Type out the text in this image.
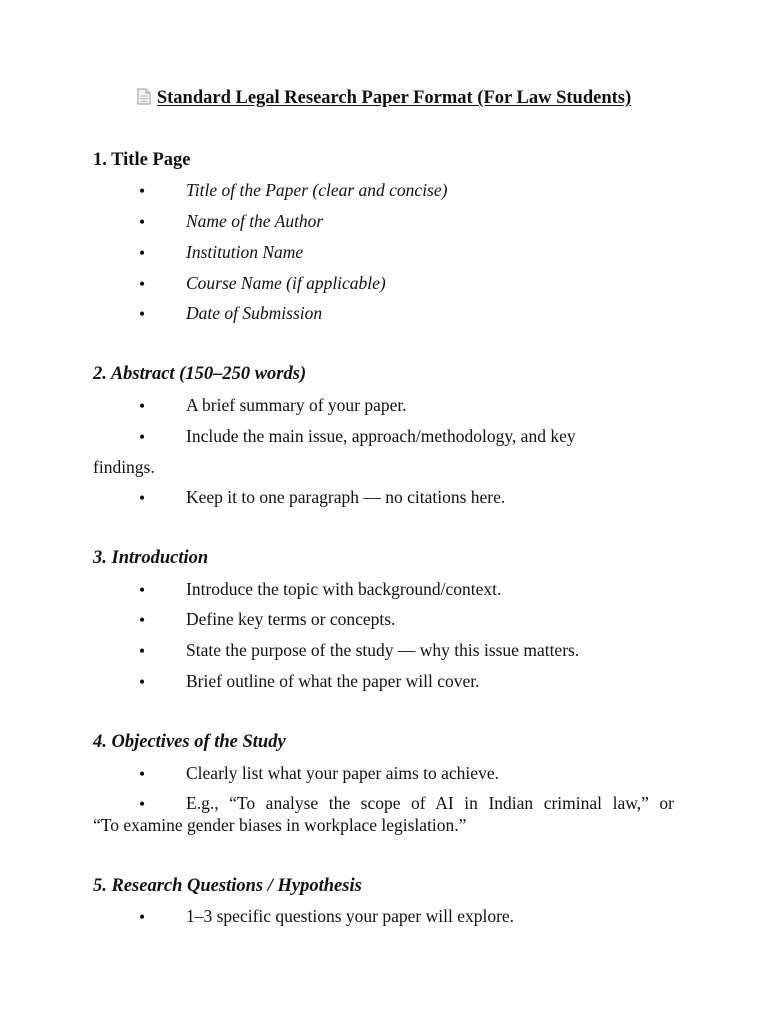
Standard Legal Research Paper Format (For Law Students)
1. Title Page
• Title of the Paper (clear and concise)
• Name of the Author
• Institution Name
• Course Name (if applicable)
• Date of Submission
2. Abstract (150–250 words)
• A brief summary of your paper.
• Include the main issue, approach/methodology, and key
findings.
• Keep it to one paragraph — no citations here.
3. Introduction
• Introduce the topic with background/context.
• Define key terms or concepts.
• State the purpose of the study — why this issue matters.
• Brief outline of what the paper will cover.
4. Objectives of the Study
• Clearly list what your paper aims to achieve.
• E.g., “To analyse the scope of AI in Indian criminal law,” or
“To examine gender biases in workplace legislation.”
5. Research Questions / Hypothesis
• 1–3 specific questions your paper will explore.
